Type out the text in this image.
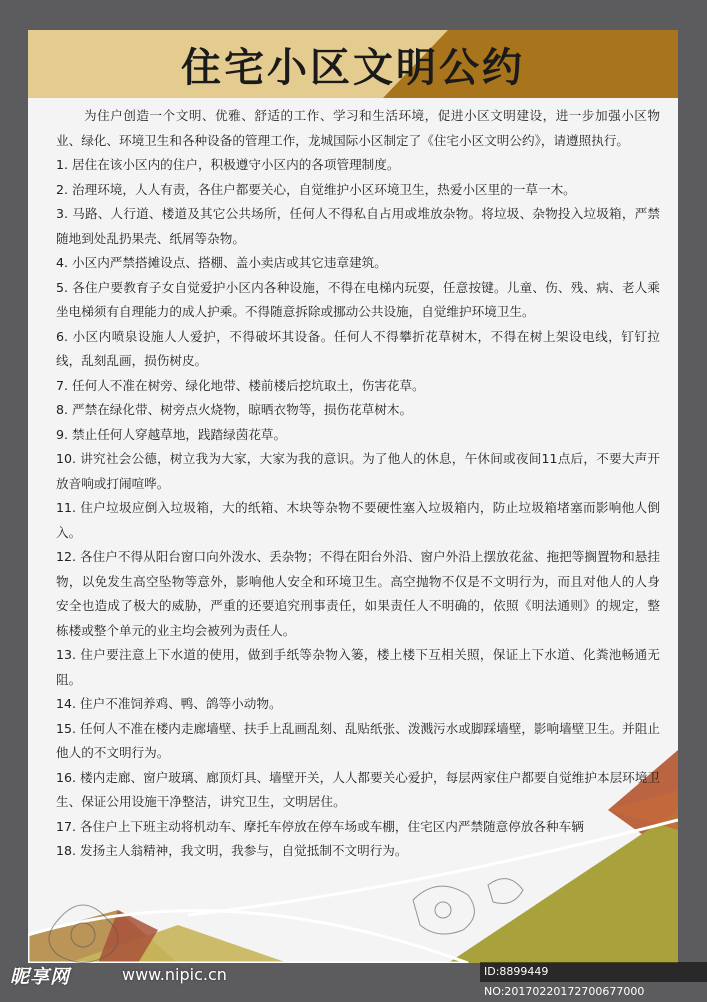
住宅小区文明公约

为住户创造一个文明、优雅、舒适的工作、学习和生活环境，促进小区文明建设，进一步加强小区物业、绿化、环境卫生和各种设备的管理工作，龙城国际小区制定了《住宅小区文明公约》，请遵照执行。

1. 居住在该小区内的住户，积极遵守小区内的各项管理制度。

2. 治理环境，人人有责，各住户都要关心，自觉维护小区环境卫生，热爱小区里的一草一木。

3. 马路、人行道、楼道及其它公共场所，任何人不得私自占用或堆放杂物。将垃圾、杂物投入垃圾箱，严禁随地到处乱扔果壳、纸屑等杂物。

4. 小区内严禁搭摊设点、搭棚、盖小卖店或其它违章建筑。

5. 各住户要教育子女自觉爱护小区内各种设施，不得在电梯内玩耍，任意按键。儿童、伤、残、病、老人乘坐电梯须有自理能力的成人护乘。不得随意拆除或挪动公共设施，自觉维护环境卫生。

6. 小区内喷泉设施人人爱护，不得破坏其设备。任何人不得攀折花草树木，不得在树上架设电线，钉钉拉线，乱刻乱画，损伤树皮。

7. 任何人不准在树旁、绿化地带、楼前楼后挖坑取土，伤害花草。

8. 严禁在绿化带、树旁点火烧物，晾晒衣物等，损伤花草树木。

9. 禁止任何人穿越草地，践踏绿茵花草。

10. 讲究社会公德，树立我为大家，大家为我的意识。为了他人的休息，午休间或夜间11点后，不要大声开放音响或打闹喧哗。

11. 住户垃圾应倒入垃圾箱，大的纸箱、木块等杂物不要硬性塞入垃圾箱内，防止垃圾箱堵塞而影响他人倒入。

12. 各住户不得从阳台窗口向外泼水、丢杂物；不得在阳台外沿、窗户外沿上摆放花盆、拖把等搁置物和悬挂物，以免发生高空坠物等意外，影响他人安全和环境卫生。高空抛物不仅是不文明行为，而且对他人的人身安全也造成了极大的威胁，严重的还要追究刑事责任，如果责任人不明确的，依照《明法通则》的规定，整栋楼或整个单元的业主均会被列为责任人。

13. 住户要注意上下水道的使用，做到手纸等杂物入篓，楼上楼下互相关照，保证上下水道、化粪池畅通无阻。

14. 住户不准饲养鸡、鸭、鸽等小动物。

15. 任何人不准在楼内走廊墙壁、扶手上乱画乱刻、乱贴纸张、泼溅污水或脚踩墙壁，影响墙壁卫生。并阻止他人的不文明行为。

16. 楼内走廊、窗户玻璃、廊顶灯具、墙壁开关，人人都要关心爱护，每层两家住户都要自觉维护本层环境卫生、保证公用设施干净整洁，讲究卫生，文明居住。

17. 各住户上下班主动将机动车、摩托车停放在停车场或车棚，住宅区内严禁随意停放各种车辆

18. 发扬主人翁精神，我文明，我参与，自觉抵制不文明行为。

昵享网	www.nipic.cn	ID:8899449 NO:20170220172700677000
